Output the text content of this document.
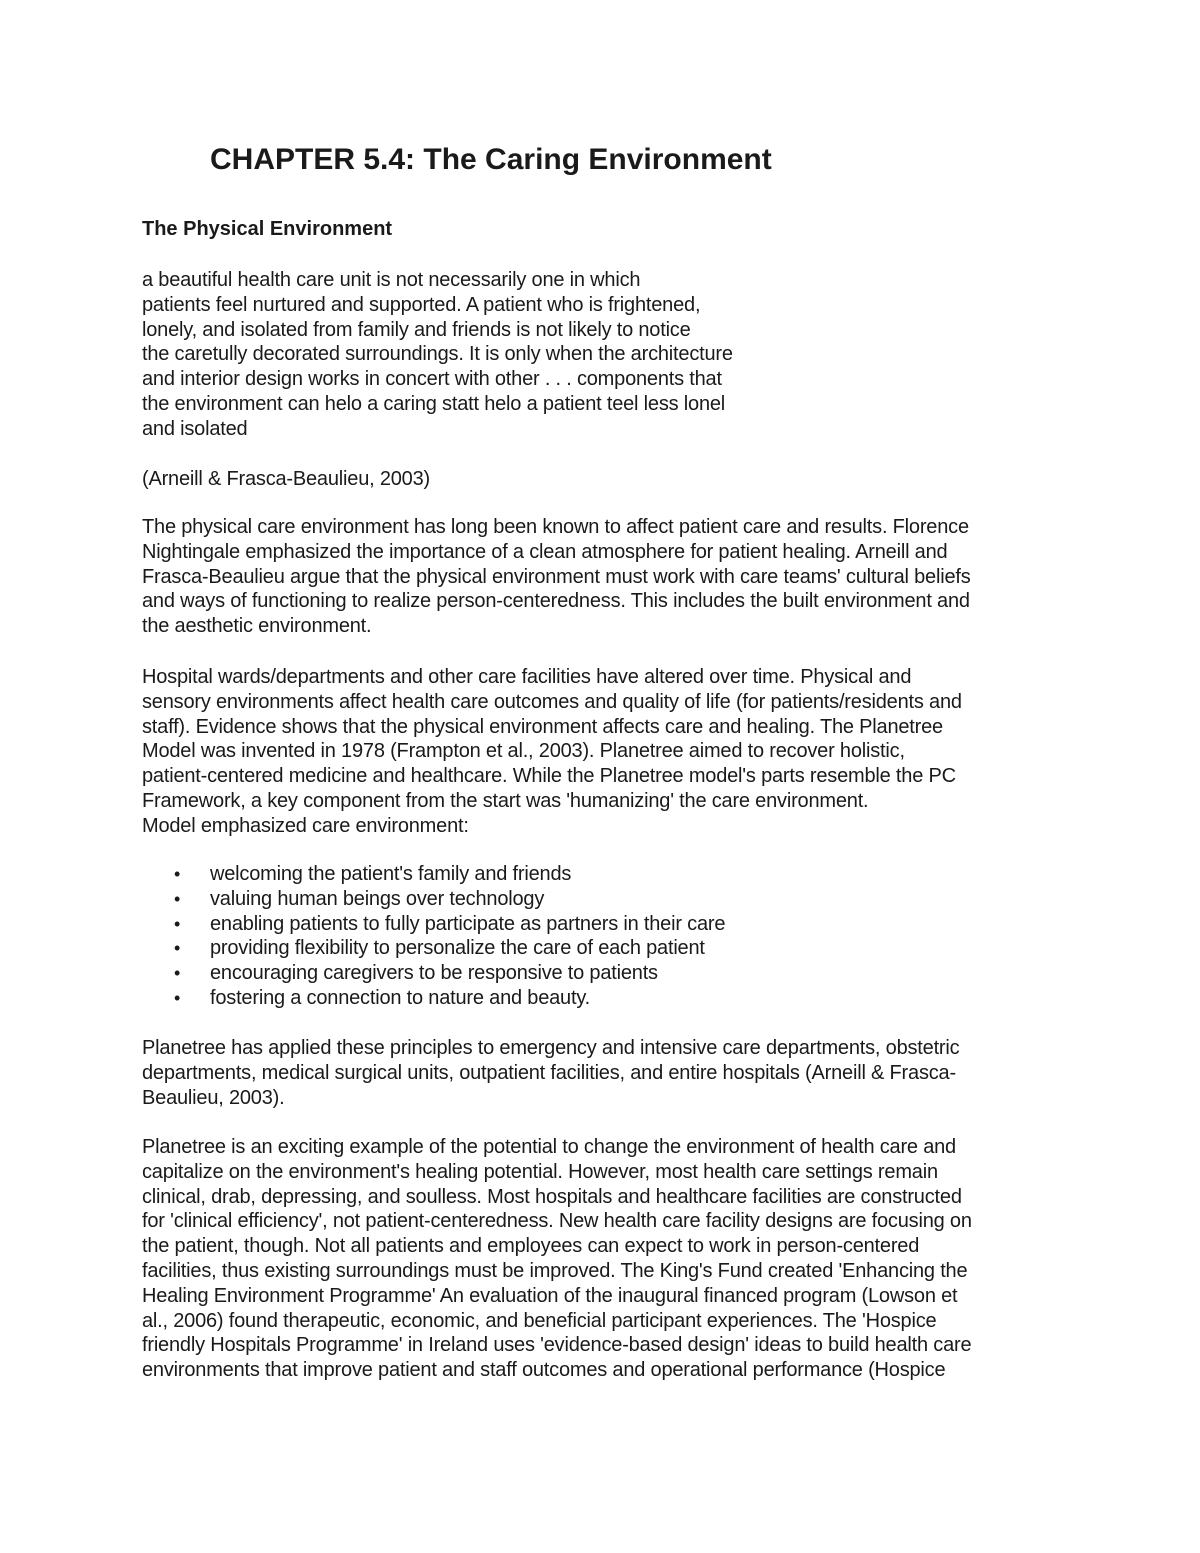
CHAPTER 5.4: The Caring Environment
The Physical Environment

a beautiful health care unit is not necessarily one in which
patients feel nurtured and supported. A patient who is frightened,
lonely, and isolated from family and friends is not likely to notice
the caretully decorated surroundings. It is only when the architecture
and interior design works in concert with other . . . components that
the environment can helo a caring statt helo a patient teel less lonel
and isolated

(Arneill & Frasca-Beaulieu, 2003)

The physical care environment has long been known to affect patient care and results. Florence
Nightingale emphasized the importance of a clean atmosphere for patient healing. Arneill and
Frasca-Beaulieu argue that the physical environment must work with care teams' cultural beliefs
and ways of functioning to realize person-centeredness. This includes the built environment and
the aesthetic environment.

Hospital wards/departments and other care facilities have altered over time. Physical and
sensory environments affect health care outcomes and quality of life (for patients/residents and
staff). Evidence shows that the physical environment affects care and healing. The Planetree
Model was invented in 1978 (Frampton et al., 2003). Planetree aimed to recover holistic,
patient-centered medicine and healthcare. While the Planetree model's parts resemble the PC
Framework, a key component from the start was 'humanizing' the care environment.
Model emphasized care environment:

• welcoming the patient's family and friends
• valuing human beings over technology
• enabling patients to fully participate as partners in their care
• providing flexibility to personalize the care of each patient
• encouraging caregivers to be responsive to patients
• fostering a connection to nature and beauty.

Planetree has applied these principles to emergency and intensive care departments, obstetric
departments, medical surgical units, outpatient facilities, and entire hospitals (Arneill & Frasca-
Beaulieu, 2003).

Planetree is an exciting example of the potential to change the environment of health care and
capitalize on the environment's healing potential. However, most health care settings remain
clinical, drab, depressing, and soulless. Most hospitals and healthcare facilities are constructed
for 'clinical efficiency', not patient-centeredness. New health care facility designs are focusing on
the patient, though. Not all patients and employees can expect to work in person-centered
facilities, thus existing surroundings must be improved. The King's Fund created 'Enhancing the
Healing Environment Programme' An evaluation of the inaugural financed program (Lowson et
al., 2006) found therapeutic, economic, and beneficial participant experiences. The 'Hospice
friendly Hospitals Programme' in Ireland uses 'evidence-based design' ideas to build health care
environments that improve patient and staff outcomes and operational performance (Hospice
